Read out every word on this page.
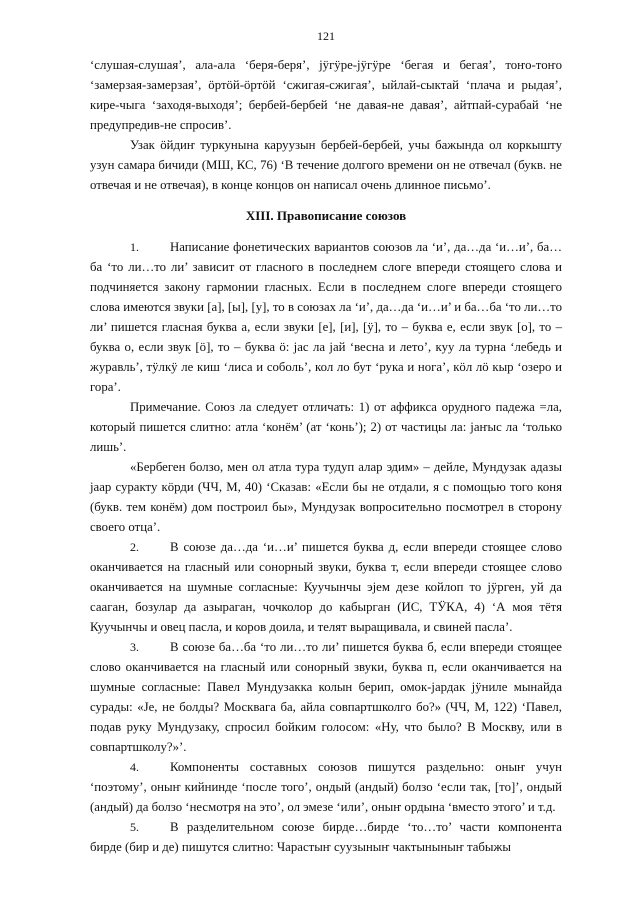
121

‘слушая-слушая’, ала-ала ‘беря-беря’, јӱгӱре-јӱгӱре ‘бегая и бегая’, тоҥо-тоҥо ‘замерзая-замерзая’, ӧртӧй-ӧртӧй ‘сжигая-сжигая’, ыйлай-сыктай ‘плача и рыдая’, кире-чыга ‘заходя-выходя’; бербей-бербей ‘не давая-не давая’, айтпай-сурабай ‘не предупредив-не спросив’.

Узак ӧйдиҥ туркунына каруузын бербей-бербей, учы бажында ол коркышту узун самара бичиди (МШ, КС, 76) ‘В течение долгого времени он не отвечал (букв. не отвечая и не отвечая), в конце концов он написал очень длинное письмо’.

XIII. Правописание союзов

1. Написание фонетических вариантов союзов ла ‘и’, да…да ‘и…и’, ба…ба ‘то ли…то ли’ зависит от гласного в последнем слоге впереди стоящего слова и подчиняется закону гармонии гласных. Если в последнем слоге впереди стоящего слова имеются звуки [а], [ы], [у], то в союзах ла ‘и’, да…да ‘и…и’ и ба…ба ‘то ли…то ли’ пишется гласная буква а, если звуки [е], [и], [ӱ], то – буква е, если звук [о], то – буква о, если звук [ӧ], то – буква ӧ: јас ла јай ‘весна и лето’, куу ла турна ‘лебедь и журавль’, тӱлкӱ ле киш ‘лиса и соболь’, кол ло бут ‘рука и нога’, кӧл лӧ кыр ‘озеро и гора’.

Примечание. Союз ла следует отличать: 1) от аффикса орудного падежа =ла, который пишется слитно: атла ‘конём’ (ат ‘конь’); 2) от частицы ла: јаҥыс ла ‘только лишь’.

«Бербеген болзо, мен ол атла тура тудуп алар эдим» – дейле, Мундузак адазы јаар суракту кӧрди (ЧЧ, М, 40) ‘Сказав: «Если бы не отдали, я с помощью того коня (букв. тем конём) дом построил бы», Мундузак вопросительно посмотрел в сторону своего отца’.

2. В союзе да…да ‘и…и’ пишется буква д, если впереди стоящее слово оканчивается на гласный или сонорный звуки, буква т, если впереди стоящее слово оканчивается на шумные согласные: Куучынчы эјем дезе койлоп то јӱрген, уй да сааган, бозулар да азыраган, чочколор до кабырган (ИС, ТӰКА, 4) ‘А моя тётя Куучынчы и овец пасла, и коров доила, и телят выращивала, и свиней пасла’.

3. В союзе ба…ба ‘то ли…то ли’ пишется буква б, если впереди стоящее слово оканчивается на гласный или сонорный звуки, буква п, если оканчивается на шумные согласные: Павел Мундузакка колын берип, омок-јардак јӱниле мынайда сурады: «Је, не болды? Москвага ба, айла совпартшколго бо?» (ЧЧ, М, 122) ‘Павел, подав руку Мундузаку, спросил бойким голосом: «Ну, что было? В Москву, или в совпартшколу?»’.

4. Компоненты составных союзов пишутся раздельно: оныҥ учун ‘поэтому’, оныҥ кийнинде ‘после того’, ондый (андый) болзо ‘если так, [то]’, ондый (андый) да болзо ‘несмотря на это’, ол эмезе ‘или’, оныҥ ордына ‘вместо этого’ и т.д.

5. В разделительном союзе бирде…бирде ‘то…то’ части компонента бирде (бир и де) пишутся слитно: Чарастыҥ суузыныҥ чактыныныҥ табыжы
